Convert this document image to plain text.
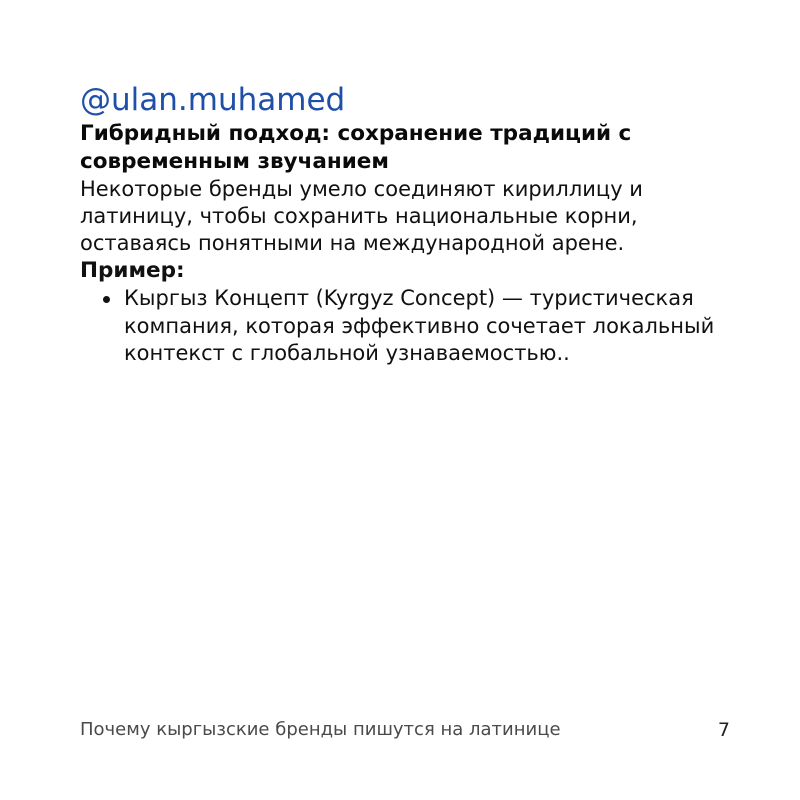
@ulan.muhamed
Гибридный подход: сохранение традиций с современным звучанием

Некоторые бренды умело соединяют кириллицу и латиницу, чтобы сохранить национальные корни, оставаясь понятными на международной арене.

Пример:

Кыргыз Концепт (Kyrgyz Concept) — туристическая компания, которая эффективно сочетает локальный контекст с глобальной узнаваемостью..
Почему кыргызские бренды пишутся на латинице	7
